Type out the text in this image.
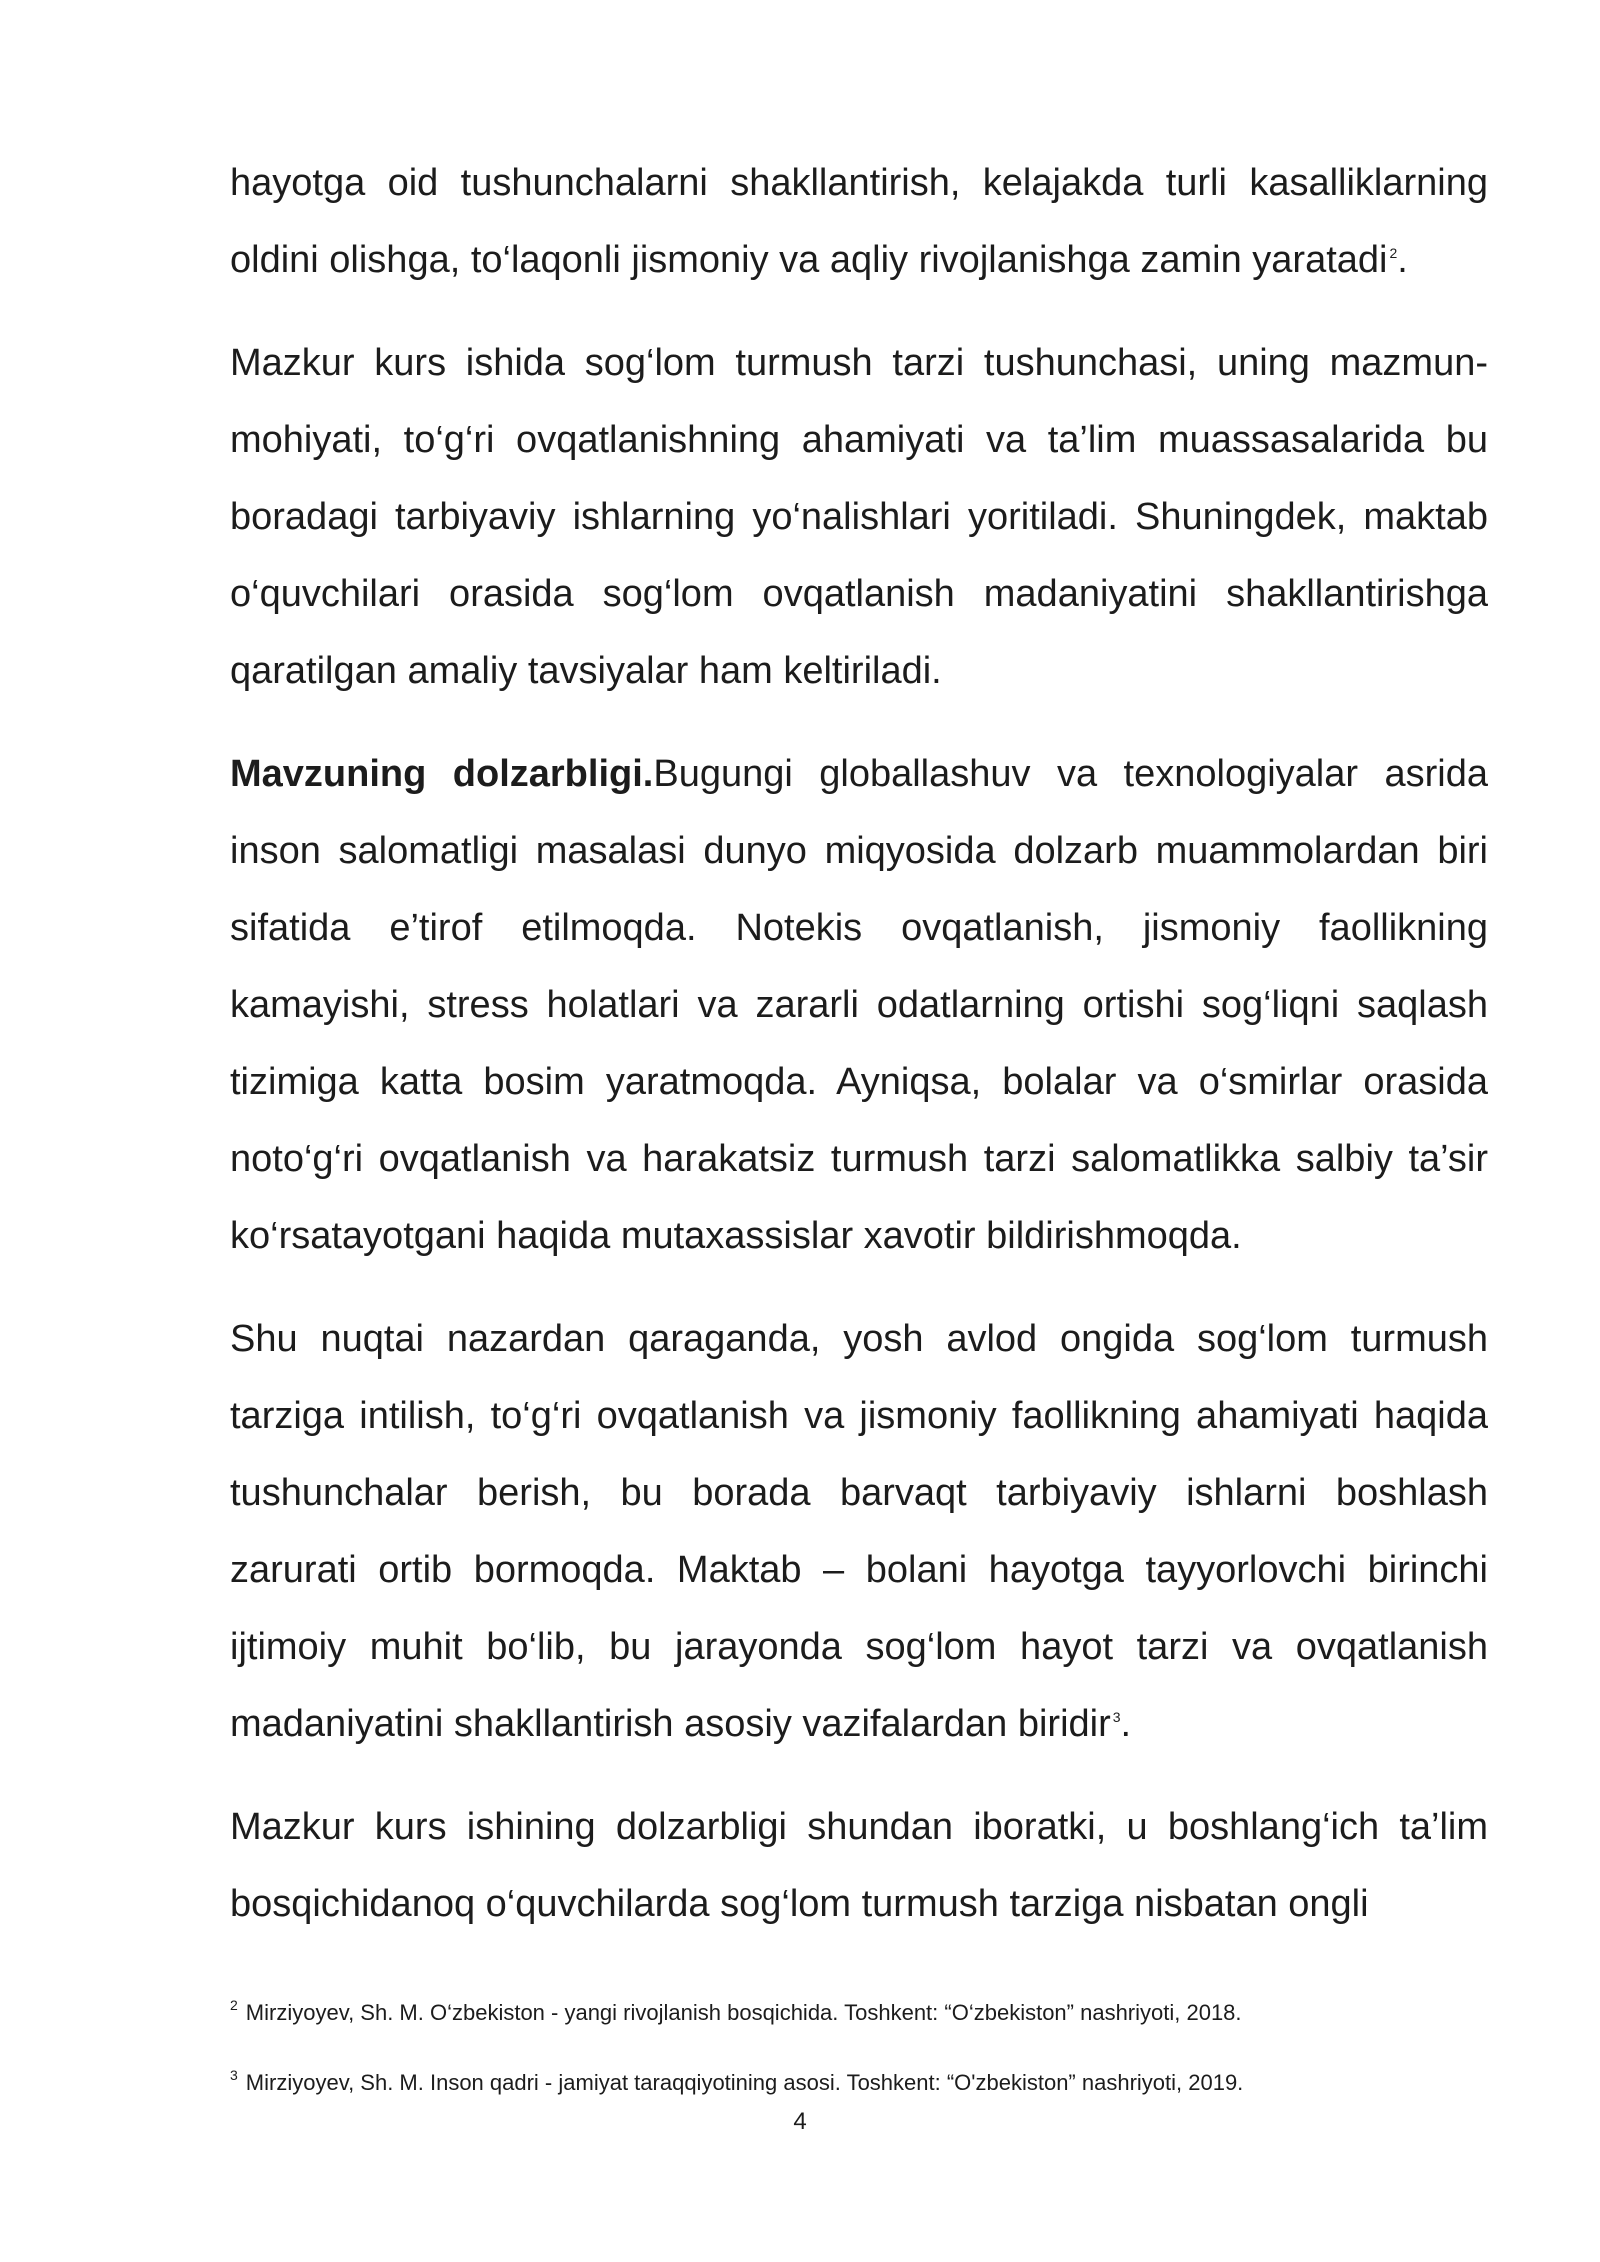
hayotga oid tushunchalarni shakllantirish, kelajakda turli kasalliklarning oldini olishga, to‘laqonli jismoniy va aqliy rivojlanishga zamin yaratadi $^2$.

Mazkur kurs ishida sog‘lom turmush tarzi tushunchasi, uning mazmun-mohiyati, to‘g‘ri ovqatlanishning ahamiyati va ta’lim muassasalarida bu boradagi tarbiyaviy ishlarning yo‘nalishlari yoritiladi. Shuningdek, maktab o‘quvchilari orasida sog‘lom ovqatlanish madaniyatini shakllantirishga qaratilgan amaliy tavsiyalar ham keltiriladi.

Mavzuning dolzarbligi.Bugungi globallashuv va texnologiyalar asrida inson salomatligi masalasi dunyo miqyosida dolzarb muammolardan biri sifatida e’tirof etilmoqda. Notekis ovqatlanish, jismoniy faollikning kamayishi, stress holatlari va zararli odatlarning ortishi sog‘liqni saqlash tizimiga katta bosim yaratmoqda. Ayniqsa, bolalar va o‘smirlar orasida noto‘g‘ri ovqatlanish va harakatsiz turmush tarzi salomatlikka salbiy ta’sir ko‘rsatayotgani haqida mutaxassislar xavotir bildirishmoqda.

Shu nuqtai nazardan qaraganda, yosh avlod ongida sog‘lom turmush tarziga intilish, to‘g‘ri ovqatlanish va jismoniy faollikning ahamiyati haqida tushunchalar berish, bu borada barvaqt tarbiyaviy ishlarni boshlash zarurati ortib bormoqda. Maktab – bolani hayotga tayyorlovchi birinchi ijtimoiy muhit bo‘lib, bu jarayonda sog‘lom hayot tarzi va ovqatlanish madaniyatini shakllantirish asosiy vazifalardan biridir $^3$.

Mazkur kurs ishining dolzarbligi shundan iboratki, u boshlang‘ich ta’lim bosqichidanoq o‘quvchilarda sog‘lom turmush tarziga nisbatan ongli

$^2$ Mirziyoyev, Sh. M. O‘zbekiston - yangi rivojlanish bosqichida. Toshkent: “O‘zbekiston” nashriyoti, 2018.
$^3$ Mirziyoyev, Sh. M. Inson qadri - jamiyat taraqqiyotining asosi. Toshkent: “O'zbekiston” nashriyoti, 2019.
4
